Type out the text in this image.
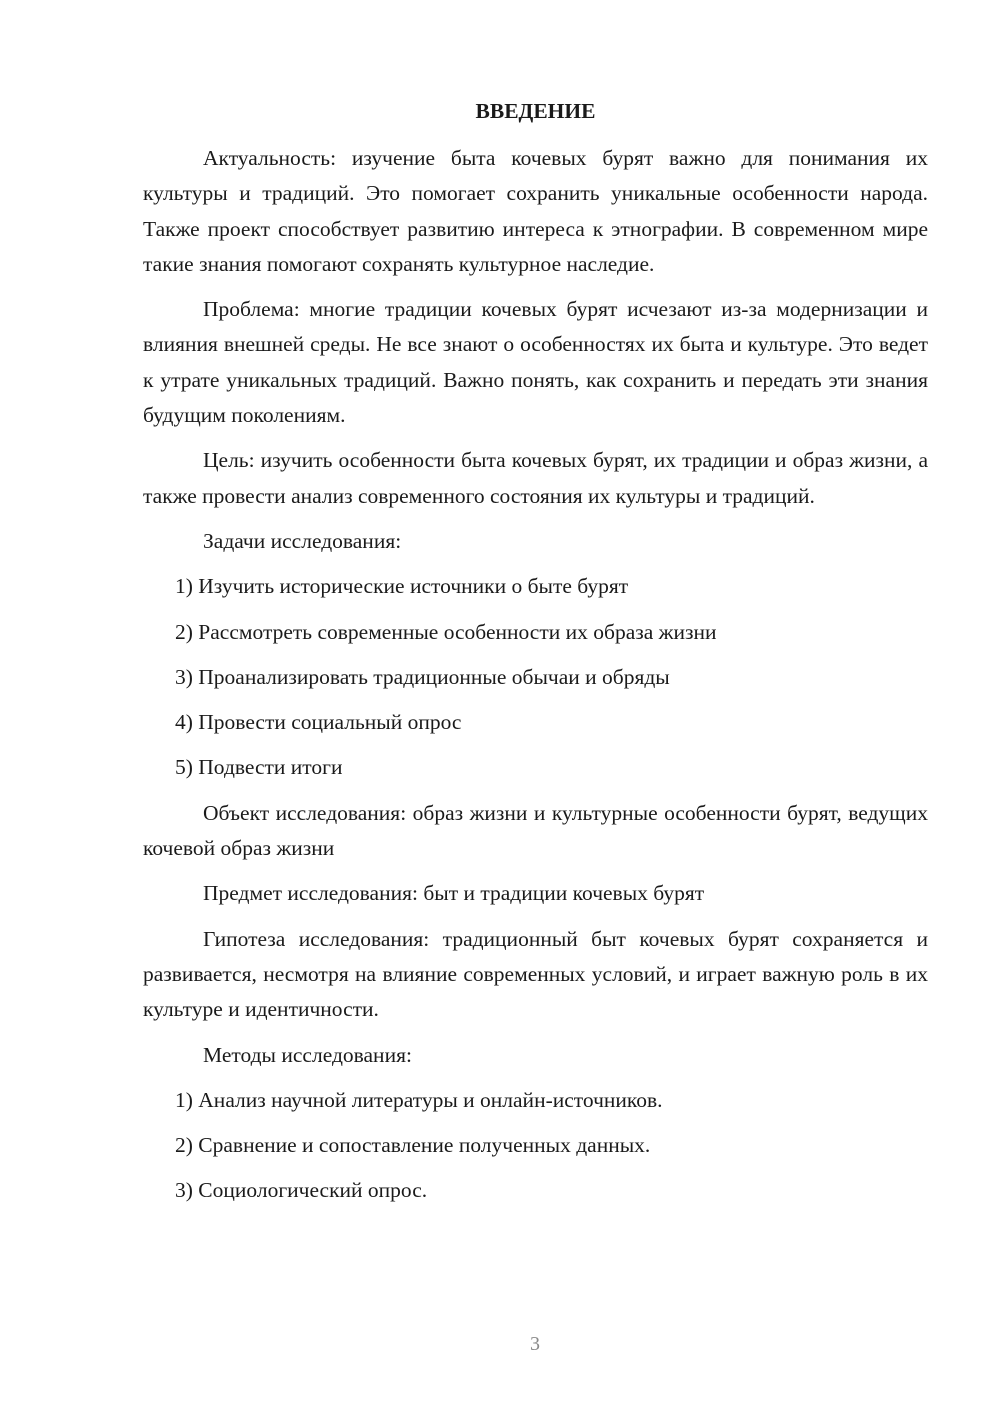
ВВЕДЕНИЕ

Актуальность: изучение быта кочевых бурят важно для понимания их культуры и традиций. Это помогает сохранить уникальные особенности народа. Также проект способствует развитию интереса к этнографии. В современном мире такие знания помогают сохранять культурное наследие.

Проблема: многие традиции кочевых бурят исчезают из-за модернизации и влияния внешней среды. Не все знают о особенностях их быта и культуре. Это ведет к утрате уникальных традиций. Важно понять, как сохранить и передать эти знания будущим поколениям.

Цель: изучить особенности быта кочевых бурят, их традиции и образ жизни, а также провести анализ современного состояния их культуры и традиций.

Задачи исследования:

1) Изучить исторические источники о быте бурят
2) Рассмотреть современные особенности их образа жизни
3) Проанализировать традиционные обычаи и обряды
4) Провести социальный опрос
5) Подвести итоги

Объект исследования: образ жизни и культурные особенности бурят, ведущих кочевой образ жизни

Предмет исследования: быт и традиции кочевых бурят

Гипотеза исследования: традиционный быт кочевых бурят сохраняется и развивается, несмотря на влияние современных условий, и играет важную роль в их культуре и идентичности.

Методы исследования:

1) Анализ научной литературы и онлайн-источников.
2) Сравнение и сопоставление полученных данных.
3) Социологический опрос.
3
